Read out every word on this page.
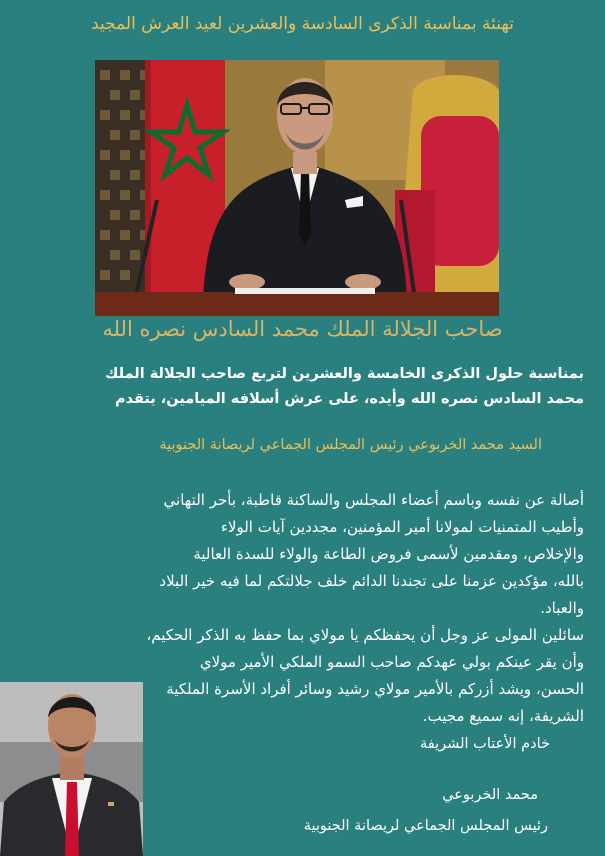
تهنئة بمناسبة الذكرى السادسة والعشرين لعيد العرش المجيد
صاحب الجلالة الملك محمد السادس نصره الله
بمناسبة حلول الذكرى الخامسة والعشرين لتربع صاحب الجلالة الملك
محمد السادس نصره الله وأيده، على عرش أسلافه الميامين، يتقدم
السيد محمد الخربوعي رئيس المجلس الجماعي لريصانة الجنوبية

أصالة عن نفسه وباسم أعضاء المجلس والساكنة قاطبة، بأحر التهاني

وأطيب المتمنيات لمولانا أمير المؤمنين، مجددين آيات الولاء

والإخلاص، ومقدمين لأسمى فروض الطاعة والولاء للسدة العالية

بالله، مؤكدين عزمنا على تجندنا الدائم خلف جلالتكم لما فيه خير البلاد

والعباد.

سائلين المولى عز وجل أن يحفظكم يا مولاي بما حفظ به الذكر الحكيم،

وأن يقر عينكم بولي عهدكم صاحب السمو الملكي الأمير مولاي

الحسن، ويشد أزركم بالأمير مولاي رشيد وسائر أفراد الأسرة الملكية

الشريفة، إنه سميع مجيب.

خادم الأعتاب الشريفة
محمد الخربوعي
رئيس المجلس الجماعي لريصانة الجنوبية
